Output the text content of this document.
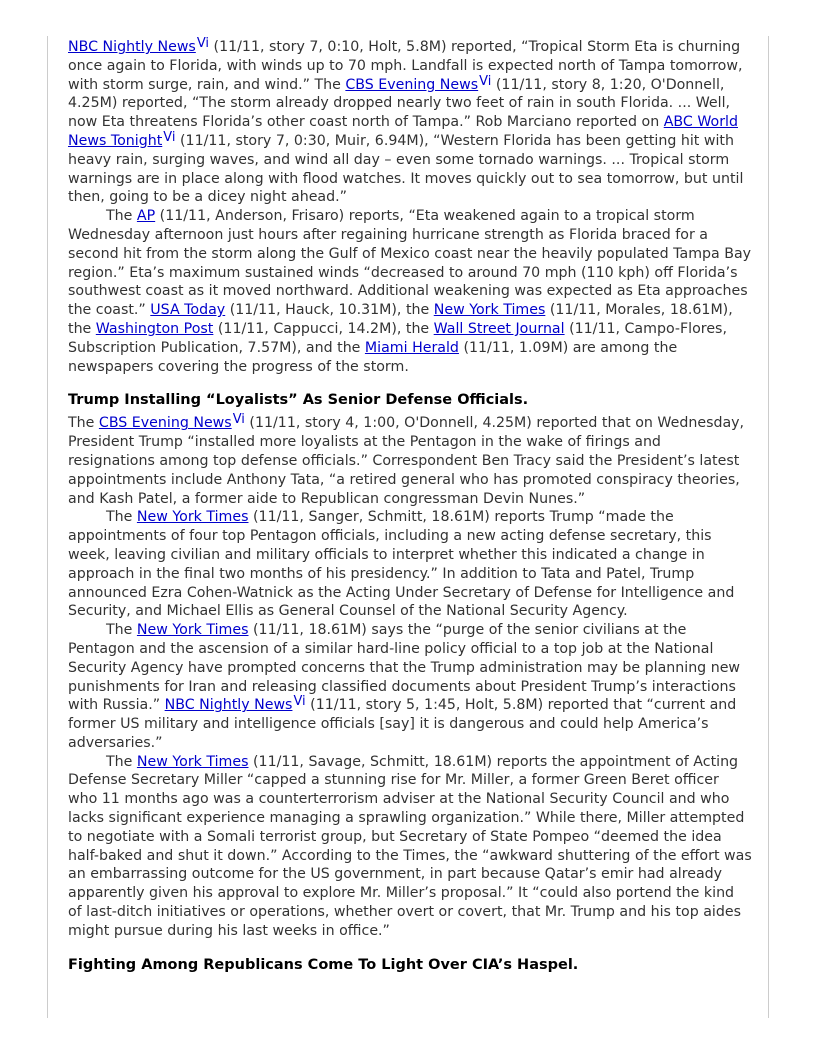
NBC Nightly News$^{Vi}$ (11/11, story 7, 0:10, Holt, 5.8M) reported, “Tropical Storm Eta is churning once again to Florida, with winds up to 70 mph. Landfall is expected north of Tampa tomorrow, with storm surge, rain, and wind.” The CBS Evening News$^{Vi}$ (11/11, story 8, 1:20, O'Donnell, 4.25M) reported, “The storm already dropped nearly two feet of rain in south Florida. ... Well, now Eta threatens Florida’s other coast north of Tampa.” Rob Marciano reported on ABC World News Tonight$^{Vi}$ (11/11, story 7, 0:30, Muir, 6.94M), “Western Florida has been getting hit with heavy rain, surging waves, and wind all day – even some tornado warnings. ... Tropical storm warnings are in place along with flood watches. It moves quickly out to sea tomorrow, but until then, going to be a dicey night ahead.”

The AP (11/11, Anderson, Frisaro) reports, “Eta weakened again to a tropical storm Wednesday afternoon just hours after regaining hurricane strength as Florida braced for a second hit from the storm along the Gulf of Mexico coast near the heavily populated Tampa Bay region.” Eta’s maximum sustained winds “decreased to around 70 mph (110 kph) off Florida’s southwest coast as it moved northward. Additional weakening was expected as Eta approaches the coast.” USA Today (11/11, Hauck, 10.31M), the New York Times (11/11, Morales, 18.61M), the Washington Post (11/11, Cappucci, 14.2M), the Wall Street Journal (11/11, Campo-Flores, Subscription Publication, 7.57M), and the Miami Herald (11/11, 1.09M) are among the newspapers covering the progress of the storm.

Trump Installing “Loyalists” As Senior Defense Officials.

The CBS Evening News$^{Vi}$ (11/11, story 4, 1:00, O'Donnell, 4.25M) reported that on Wednesday, President Trump “installed more loyalists at the Pentagon in the wake of firings and resignations among top defense officials.” Correspondent Ben Tracy said the President’s latest appointments include Anthony Tata, “a retired general who has promoted conspiracy theories, and Kash Patel, a former aide to Republican congressman Devin Nunes.”

The New York Times (11/11, Sanger, Schmitt, 18.61M) reports Trump “made the appointments of four top Pentagon officials, including a new acting defense secretary, this week, leaving civilian and military officials to interpret whether this indicated a change in approach in the final two months of his presidency.” In addition to Tata and Patel, Trump announced Ezra Cohen-Watnick as the Acting Under Secretary of Defense for Intelligence and Security, and Michael Ellis as General Counsel of the National Security Agency.

The New York Times (11/11, 18.61M) says the “purge of the senior civilians at the Pentagon and the ascension of a similar hard-line policy official to a top job at the National Security Agency have prompted concerns that the Trump administration may be planning new punishments for Iran and releasing classified documents about President Trump’s interactions with Russia.” NBC Nightly News$^{Vi}$ (11/11, story 5, 1:45, Holt, 5.8M) reported that “current and former US military and intelligence officials [say] it is dangerous and could help America’s adversaries.”

The New York Times (11/11, Savage, Schmitt, 18.61M) reports the appointment of Acting Defense Secretary Miller “capped a stunning rise for Mr. Miller, a former Green Beret officer who 11 months ago was a counterterrorism adviser at the National Security Council and who lacks significant experience managing a sprawling organization.” While there, Miller attempted to negotiate with a Somali terrorist group, but Secretary of State Pompeo “deemed the idea half-baked and shut it down.” According to the Times, the “awkward shuttering of the effort was an embarrassing outcome for the US government, in part because Qatar’s emir had already apparently given his approval to explore Mr. Miller’s proposal.” It “could also portend the kind of last-ditch initiatives or operations, whether overt or covert, that Mr. Trump and his top aides might pursue during his last weeks in office.”

Fighting Among Republicans Come To Light Over CIA’s Haspel.
